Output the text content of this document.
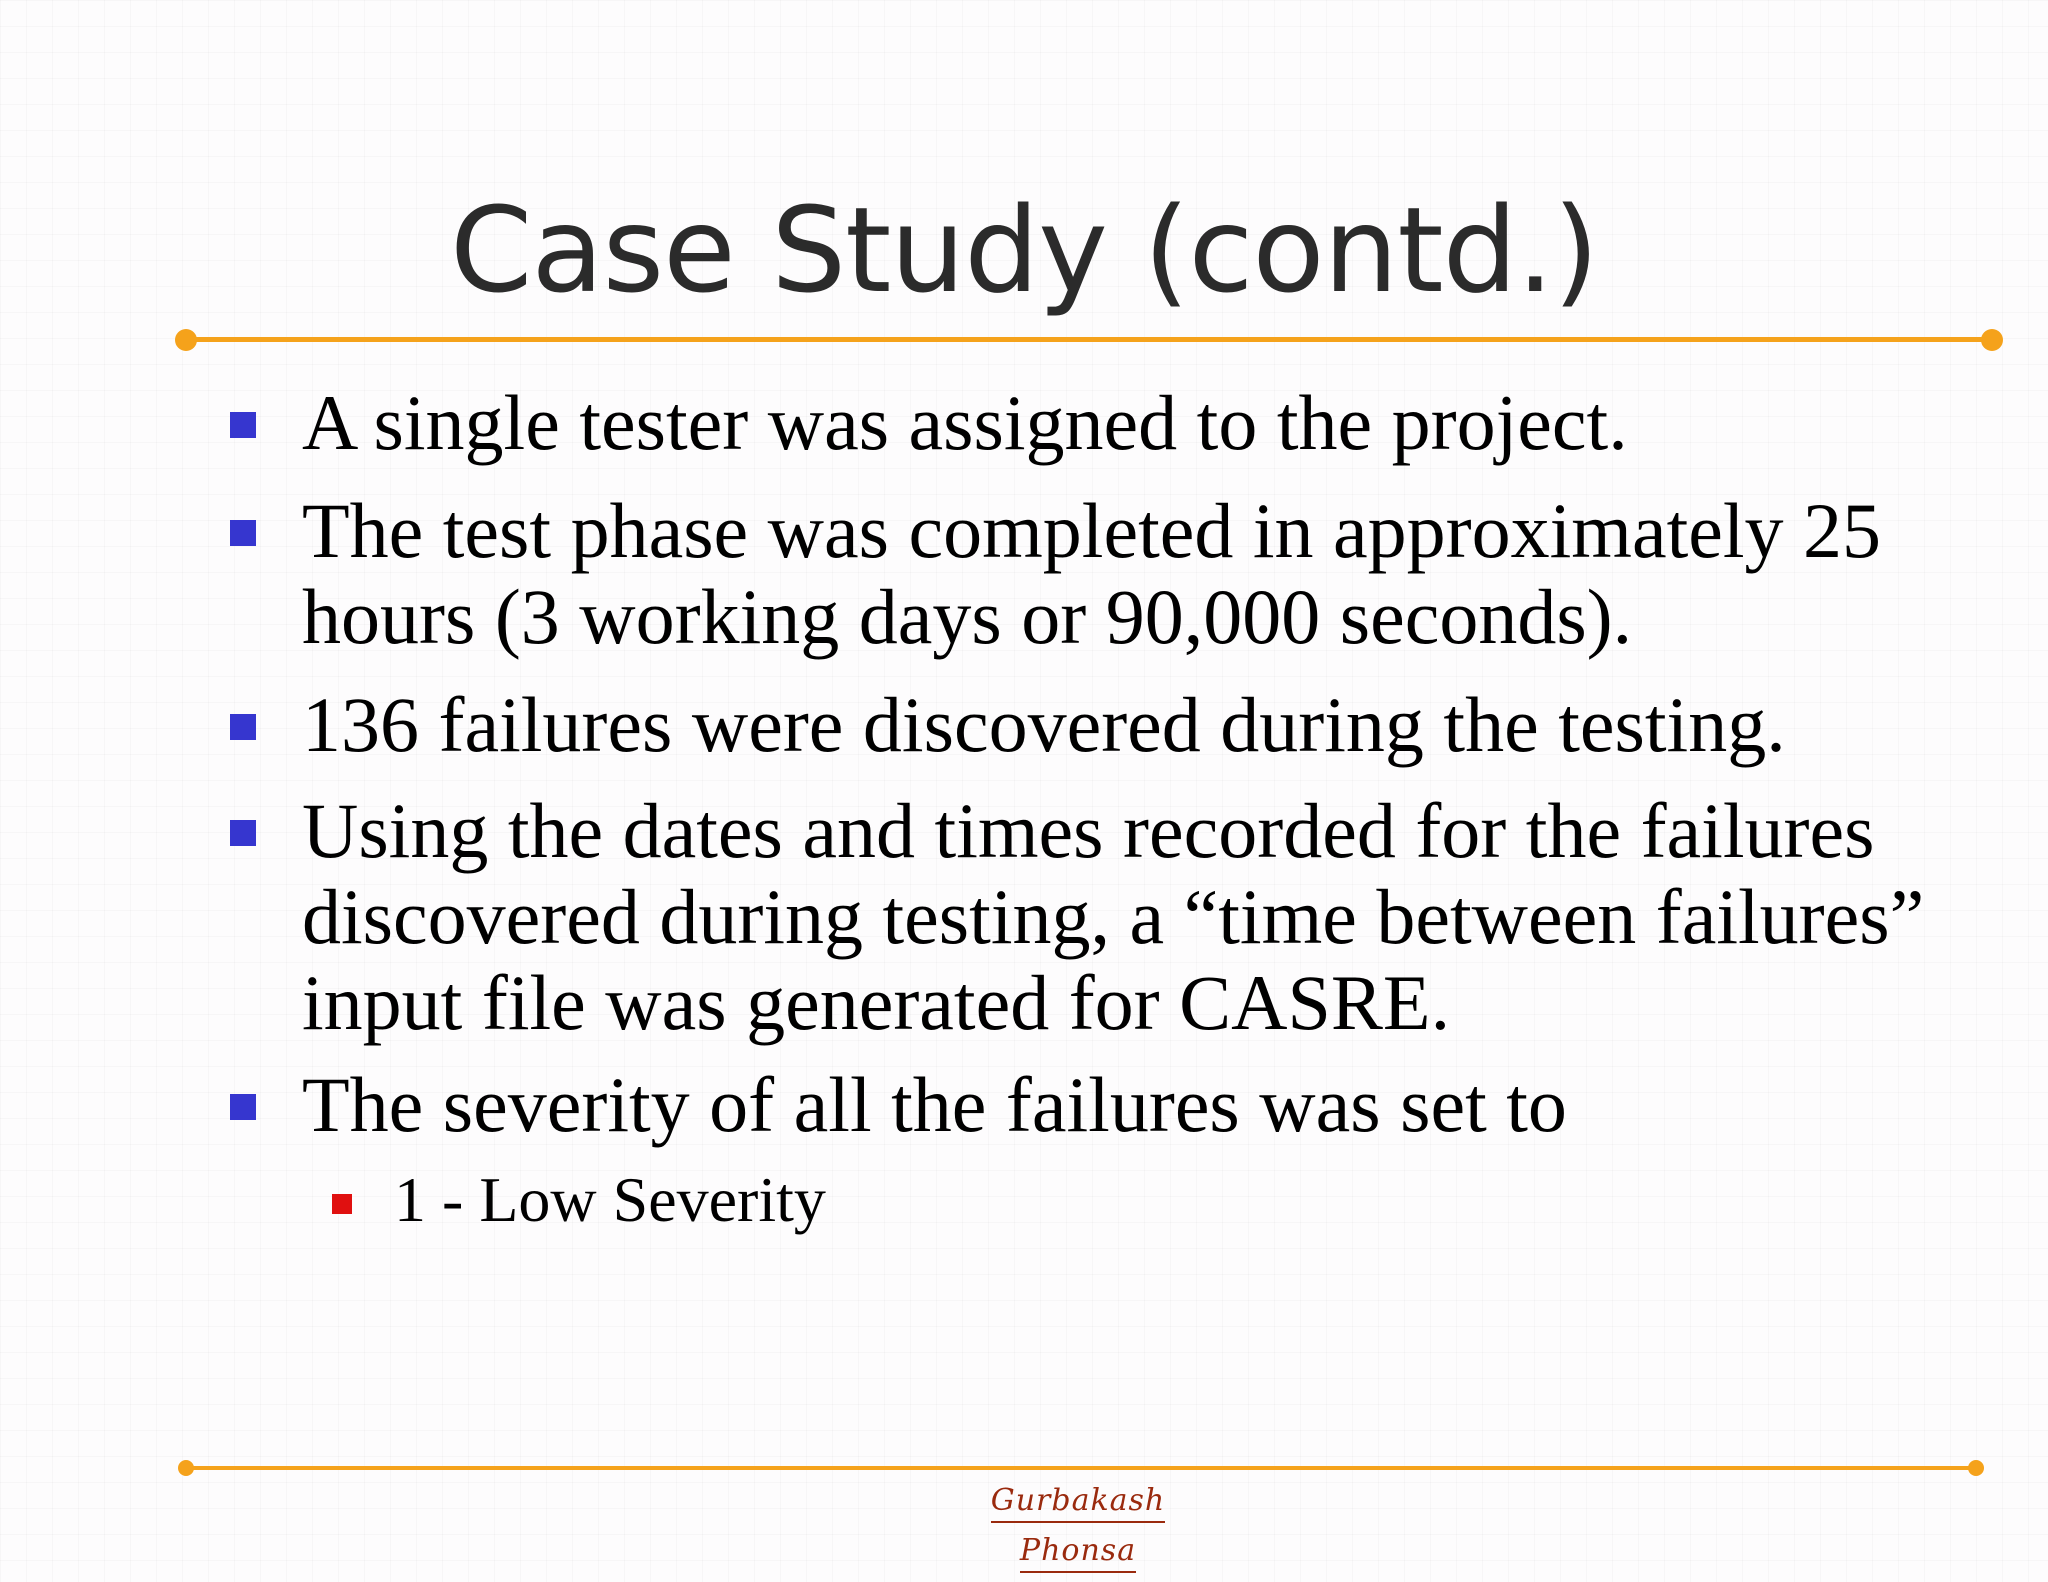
Case Study (contd.)
A single tester was assigned to the project.
The test phase was completed in approximately 25 hours (3 working days or 90,000 seconds).
136 failures were discovered during the testing.
Using the dates and times recorded for the failures discovered during testing, a “time between failures” input file was generated for CASRE.
The severity of all the failures was set to
1 - Low Severity
Gurbakash
Phonsa
